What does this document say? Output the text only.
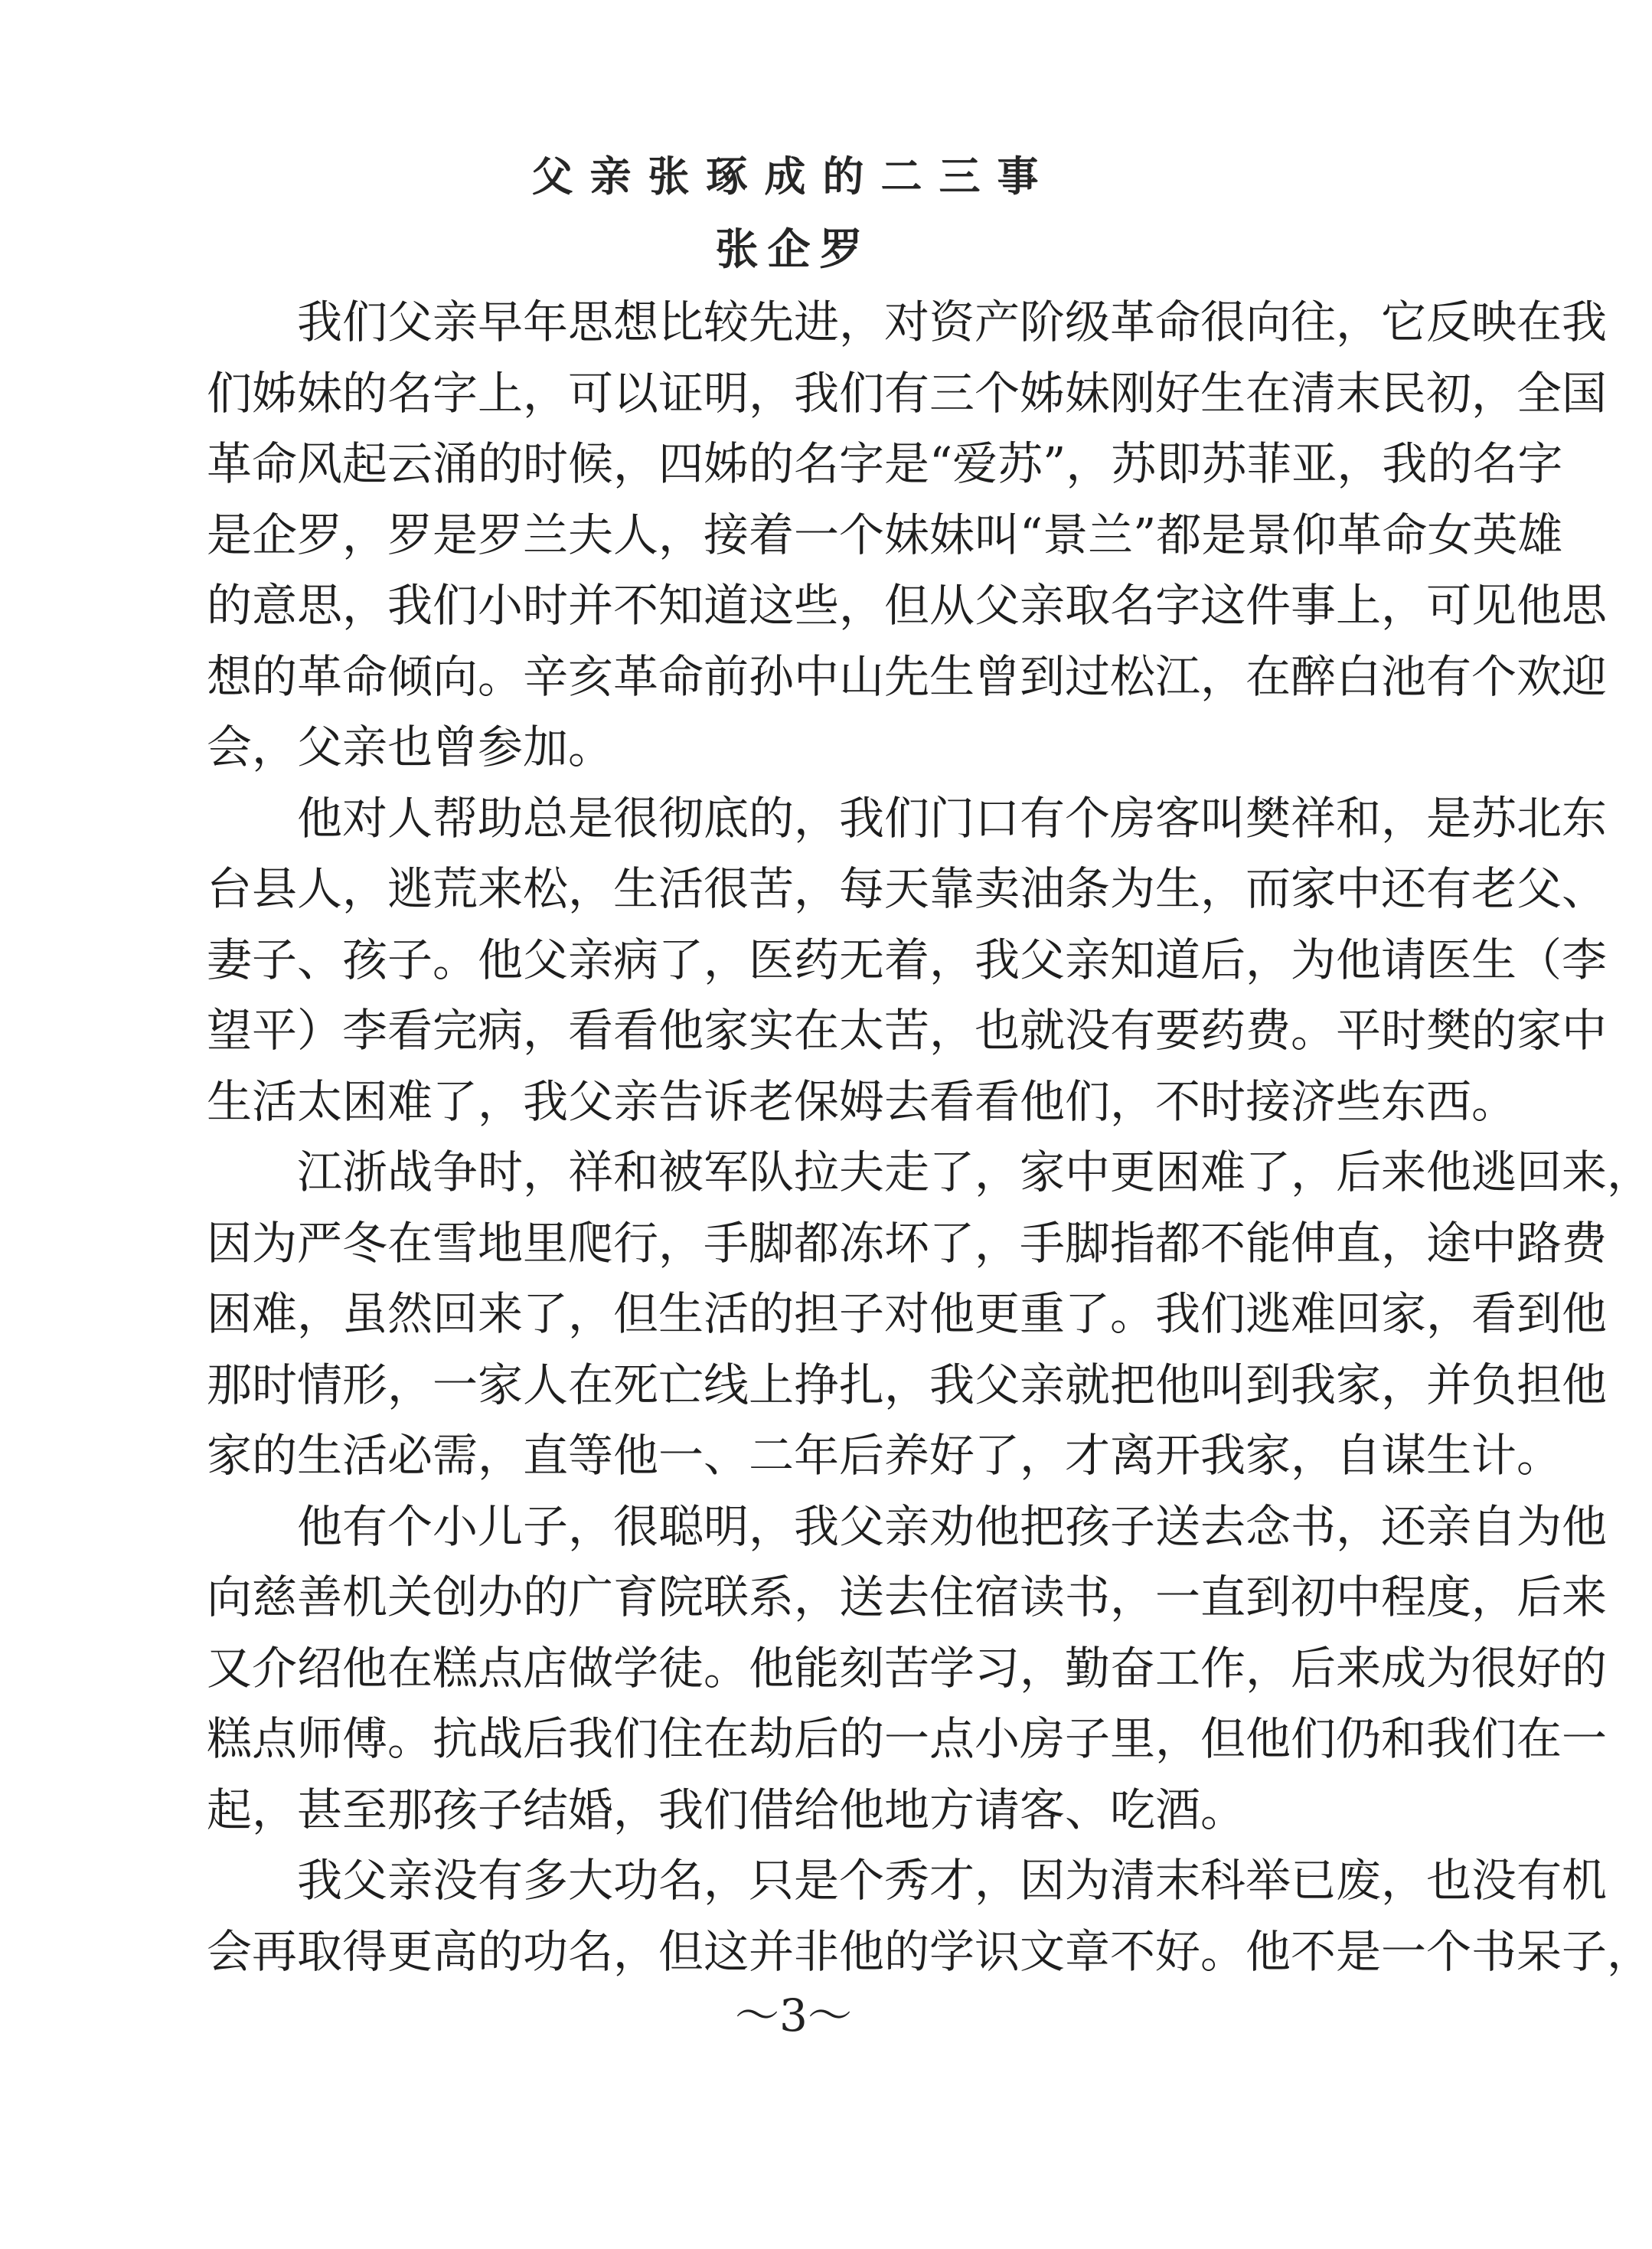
父亲张琢成的二三事
张企罗
我们父亲早年思想比较先进，对资产阶级革命很向往，它反映在我
们姊妹的名字上，可以证明，我们有三个姊妹刚好生在清末民初，全国
革命风起云涌的时候，四姊的名字是“爱苏”，苏即苏菲亚，我的名字
是企罗，罗是罗兰夫人，接着一个妹妹叫“景兰”都是景仰革命女英雄
的意思，我们小时并不知道这些，但从父亲取名字这件事上，可见他思
想的革命倾向。辛亥革命前孙中山先生曾到过松江，在醉白池有个欢迎
会，父亲也曾参加。
他对人帮助总是很彻底的，我们门口有个房客叫樊祥和，是苏北东
台县人，逃荒来松，生活很苦，每天靠卖油条为生，而家中还有老父、
妻子、孩子。他父亲病了，医药无着，我父亲知道后，为他请医生（李
望平）李看完病，看看他家实在太苦，也就没有要药费。平时樊的家中
生活太困难了，我父亲告诉老保姆去看看他们，不时接济些东西。
江浙战争时，祥和被军队拉夫走了，家中更困难了，后来他逃回来，
因为严冬在雪地里爬行，手脚都冻坏了，手脚指都不能伸直，途中路费
困难，虽然回来了，但生活的担子对他更重了。我们逃难回家，看到他
那时情形，一家人在死亡线上挣扎，我父亲就把他叫到我家，并负担他
家的生活必需，直等他一、二年后养好了，才离开我家，自谋生计。
他有个小儿子，很聪明，我父亲劝他把孩子送去念书，还亲自为他
向慈善机关创办的广育院联系，送去住宿读书，一直到初中程度，后来
又介绍他在糕点店做学徒。他能刻苦学习，勤奋工作，后来成为很好的
糕点师傅。抗战后我们住在劫后的一点小房子里，但他们仍和我们在一
起，甚至那孩子结婚，我们借给他地方请客、吃酒。
我父亲没有多大功名，只是个秀才，因为清末科举已废，也没有机
会再取得更高的功名，但这并非他的学识文章不好。他不是一个书呆子，
～3～
